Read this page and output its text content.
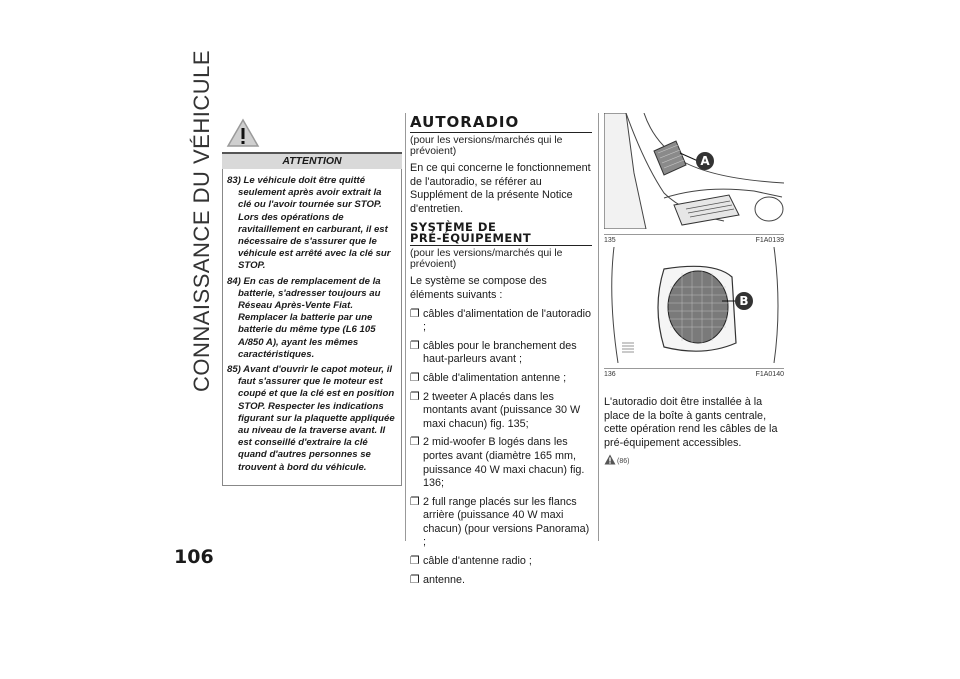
CONNAISSANCE DU VÉHICULE
106
ATTENTION
83) Le véhicule doit être quitté seulement après avoir extrait la clé ou l'avoir tournée sur STOP. Lors des opérations de ravitaillement en carburant, il est nécessaire de s'assurer que le véhicule est arrêté avec la clé sur STOP.
84) En cas de remplacement de la batterie, s'adresser toujours au Réseau Après-Vente Fiat. Remplacer la batterie par une batterie du même type (L6 105 A/850 A), ayant les mêmes caractéristiques.
85) Avant d'ouvrir le capot moteur, il faut s'assurer que le moteur est coupé et que la clé est en position STOP. Respecter les indications figurant sur la plaquette appliquée au niveau de la traverse avant. Il est conseillé d'extraire la clé quand d'autres personnes se trouvent à bord du véhicule.
AUTORADIO
(pour les versions/marchés qui le prévoient)
En ce qui concerne le fonctionnement de l'autoradio, se référer au Supplément de la présente Notice d'entretien.
SYSTÈME DE
PRÉ-ÉQUIPEMENT
(pour les versions/marchés qui le prévoient)
Le système se compose des éléments suivants :
❐ câbles d'alimentation de l'autoradio ;
❐ câbles pour le branchement des haut-parleurs avant ;
❐ câble d'alimentation antenne ;
❐ 2 tweeter A placés dans les montants avant (puissance 30 W maxi chacun) fig. 135;
❐ 2 mid-woofer B logés dans les portes avant (diamètre 165 mm, puissance 40 W maxi chacun) fig. 136;
❐ 2 full range placés sur les flancs arrière (puissance 40 W maxi chacun) (pour versions Panorama) ;
❐ câble d'antenne radio ;
❐ antenne.
A
135	F1A0139
B
136	F1A0140
L'autoradio doit être installée à la place de la boîte à gants centrale, cette opération rend les câbles de la pré-équipement accessibles.
(86)
